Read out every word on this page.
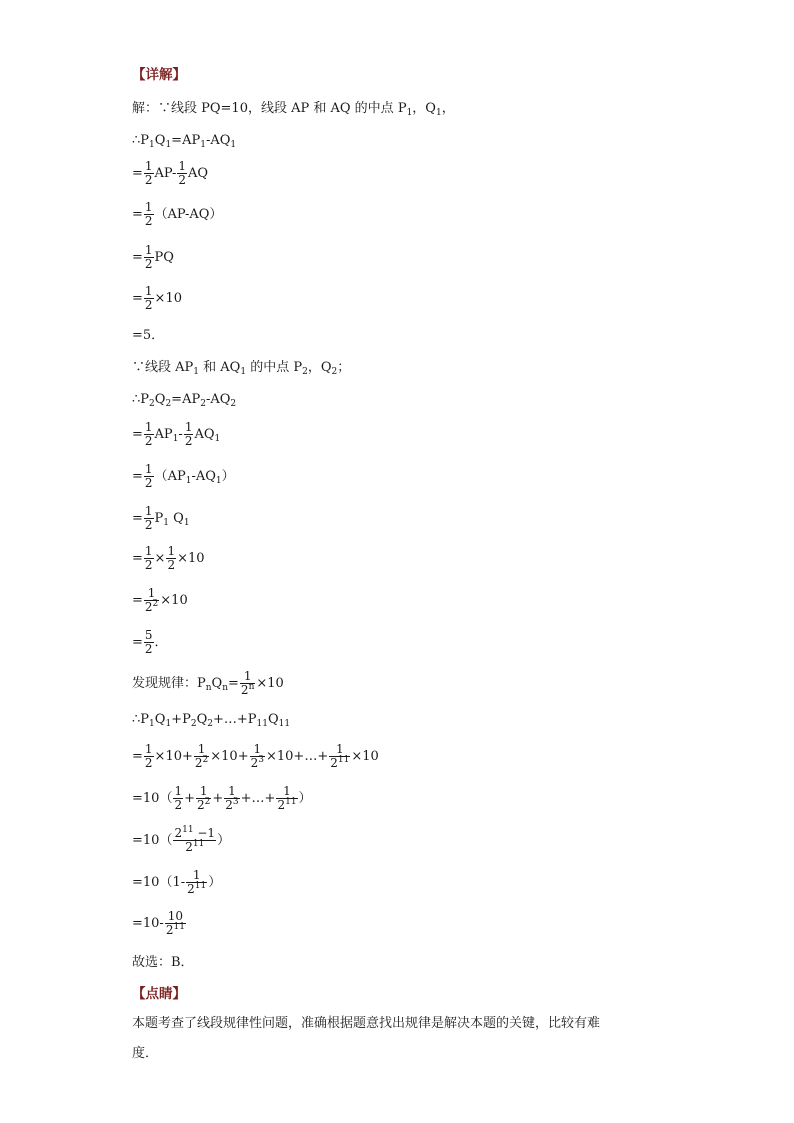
【详解】
解：∵线段 PQ=10，线段 AP 和 AQ 的中点 $P_1$，$Q_1$，
$\therefore P_1Q_1=AP_1-AQ_1$
= $\frac{1}{2} AP- \frac{1}{2}$ AQ
= $\frac{1}{2} (AP-AQ)$
= $\frac{1}{2}$ PQ
= $\frac{1}{2} \times 10$
=5．
∵线段 $AP_1$ 和 $AQ_1$ 的中点 $P_2$，$Q_2$；
$\therefore P_2Q_2=AP_2-AQ_2$
= $\frac{1}{2} AP_1- \frac{1}{2} AQ_1$
= $\frac{1}{2} (AP_1-AQ_1)$
= $\frac{1}{2} P_1$ $Q_1$
= $\frac{1}{2} \times \frac{1}{2} \times 10$
= $\frac{1}{2^2} \times 10$
= $\frac{5}{2}$ ．
发现规律：$P_nQ_n= \frac{1}{2^n} \times 10$
$\therefore P_1Q_1+P_2Q_2+\dots+P_{11}Q_{11}$
= $\frac{1}{2} \times 10+ \frac{1}{2^2} \times 10+ \frac{1}{2^3}$ ×10+…+ $\frac{1}{2^{11}} \times 10$
$=10( \frac{1}{2} + \frac{1}{2^2} + \frac{1}{2^3}$ +…+ $\frac{1}{2^{11}}$ ）
$=10( \frac{2^{11} -1}{2^{11}}$ ）
$=10(1- \frac{1}{2^{11}}$ ）
$=10- \frac{10}{2^{11}}$
故选：B．
【点睛】
本题考查了线段规律性问题，准确根据题意找出规律是解决本题的关键，比较有难
度．
